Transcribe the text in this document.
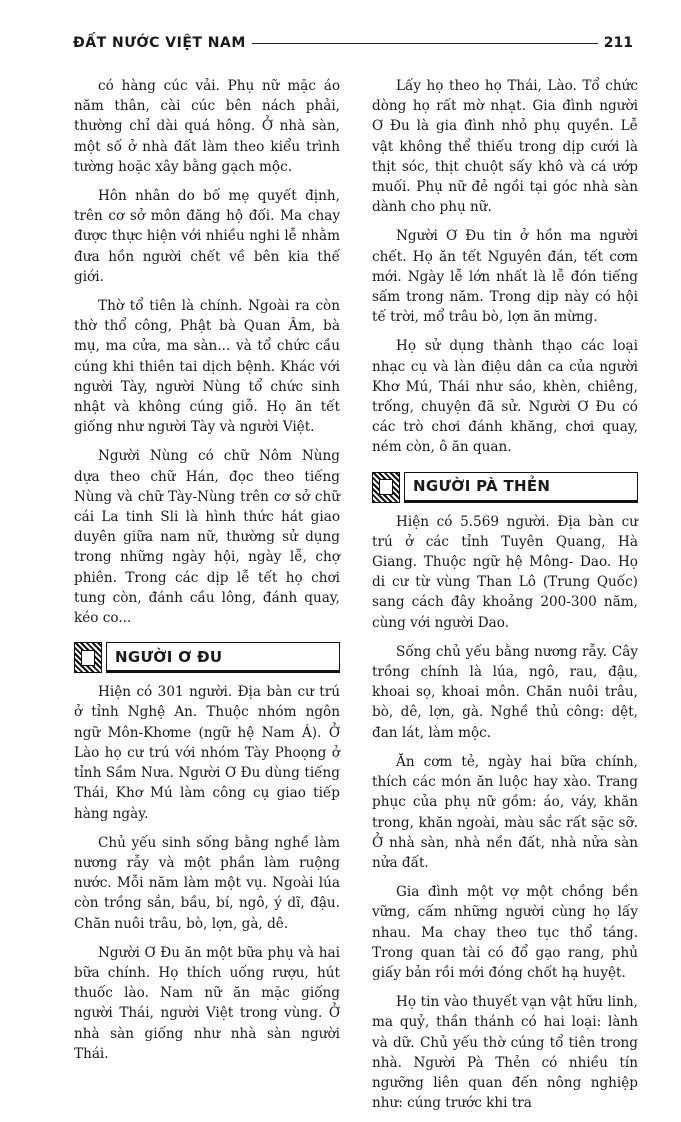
ĐẤT NƯỚC VIỆT NAM	211

có hàng cúc vải. Phụ nữ mặc áo năm thân, cài cúc bên nách phải, thường chỉ dài quá hông. Ở nhà sàn, một số ở nhà đất làm theo kiểu trình tường hoặc xây bằng gạch mộc.

Hôn nhân do bố mẹ quyết định, trên cơ sở môn đăng hộ đối. Ma chay được thực hiện với nhiều nghi lễ nhằm đưa hồn người chết về bên kia thế giới.

Thờ tổ tiên là chính. Ngoài ra còn thờ thổ công, Phật bà Quan Âm, bà mụ, ma cửa, ma sàn... và tổ chức cầu cúng khi thiên tai dịch bệnh. Khác với người Tày, người Nùng tổ chức sinh nhật và không cúng giỗ. Họ ăn tết giống như người Tày và người Việt.

Người Nùng có chữ Nôm Nùng dựa theo chữ Hán, đọc theo tiếng Nùng và chữ Tày-Nùng trên cơ sở chữ cái La tinh Sli là hình thức hát giao duyên giữa nam nữ, thường sử dụng trong những ngày hội, ngày lễ, chợ phiên. Trong các dịp lễ tết họ chơi tung còn, đánh cầu lông, đánh quay, kéo co...

NGƯỜI Ơ ĐU

Hiện có 301 người. Địa bàn cư trú ở tỉnh Nghệ An. Thuộc nhóm ngôn ngữ Môn-Khơme (ngữ hệ Nam Á). Ở Lào họ cư trú với nhóm Tày Phoọng ở tỉnh Sầm Nưa. Người Ơ Đu dùng tiếng Thái, Khơ Mú làm công cụ giao tiếp hàng ngày.

Chủ yếu sinh sống bằng nghề làm nương rẫy và một phần làm ruộng nước. Mỗi năm làm một vụ. Ngoài lúa còn trồng sắn, bầu, bí, ngô, ý dĩ, đậu. Chăn nuôi trâu, bò, lợn, gà, dê.

Người Ơ Đu ăn một bữa phụ và hai bữa chính. Họ thích uống rượu, hút thuốc lào. Nam nữ ăn mặc giống người Thái, người Việt trong vùng. Ở nhà sàn giống như nhà sàn người Thái.

Lấy họ theo họ Thái, Lào. Tổ chức dòng họ rất mờ nhạt. Gia đình người Ơ Đu là gia đình nhỏ phụ quyền. Lễ vật không thể thiếu trong dịp cưới là thịt sóc, thịt chuột sấy khô và cá ướp muối. Phụ nữ đẻ ngồi tại góc nhà sàn dành cho phụ nữ.

Người Ơ Đu tin ở hồn ma người chết. Họ ăn tết Nguyên đán, tết cơm mới. Ngày lễ lớn nhất là lễ đón tiếng sấm trong năm. Trong dịp này có hội tế trời, mổ trâu bò, lợn ăn mừng.

Họ sử dụng thành thạo các loại nhạc cụ và làn điệu dân ca của người Khơ Mú, Thái như sáo, khèn, chiêng, trống, chuyện đã sử. Người Ơ Đu có các trò chơi đánh khăng, chơi quay, ném còn, ô ăn quan.

NGƯỜI PÀ THẺN

Hiện có 5.569 người. Địa bàn cư trú ở các tỉnh Tuyên Quang, Hà Giang. Thuộc ngữ hệ Mông- Dao. Họ di cư từ vùng Than Lô (Trung Quốc) sang cách đây khoảng 200-300 năm, cùng với người Dao.

Sống chủ yếu bằng nương rẫy. Cây trồng chính là lúa, ngô, rau, đậu, khoai sọ, khoai môn. Chăn nuôi trâu, bò, dê, lợn, gà. Nghề thủ công: dệt, đan lát, làm mộc.

Ăn cơm tẻ, ngày hai bữa chính, thích các món ăn luộc hay xào. Trang phục của phụ nữ gồm: áo, váy, khăn trong, khăn ngoài, màu sắc rất sặc sỡ. Ở nhà sàn, nhà nền đất, nhà nửa sàn nửa đất.

Gia đình một vợ một chồng bền vững, cấm những người cùng họ lấy nhau. Ma chay theo tục thổ táng. Trong quan tài có đổ gạo rang, phủ giấy bản rồi mới đóng chốt hạ huyệt.

Họ tin vào thuyết vạn vật hữu linh, ma quỷ, thần thánh có hai loại: lành và dữ. Chủ yếu thờ cúng tổ tiên trong nhà. Người Pà Thẻn có nhiều tín ngưỡng liên quan đến nông nghiệp như: cúng trước khi tra
